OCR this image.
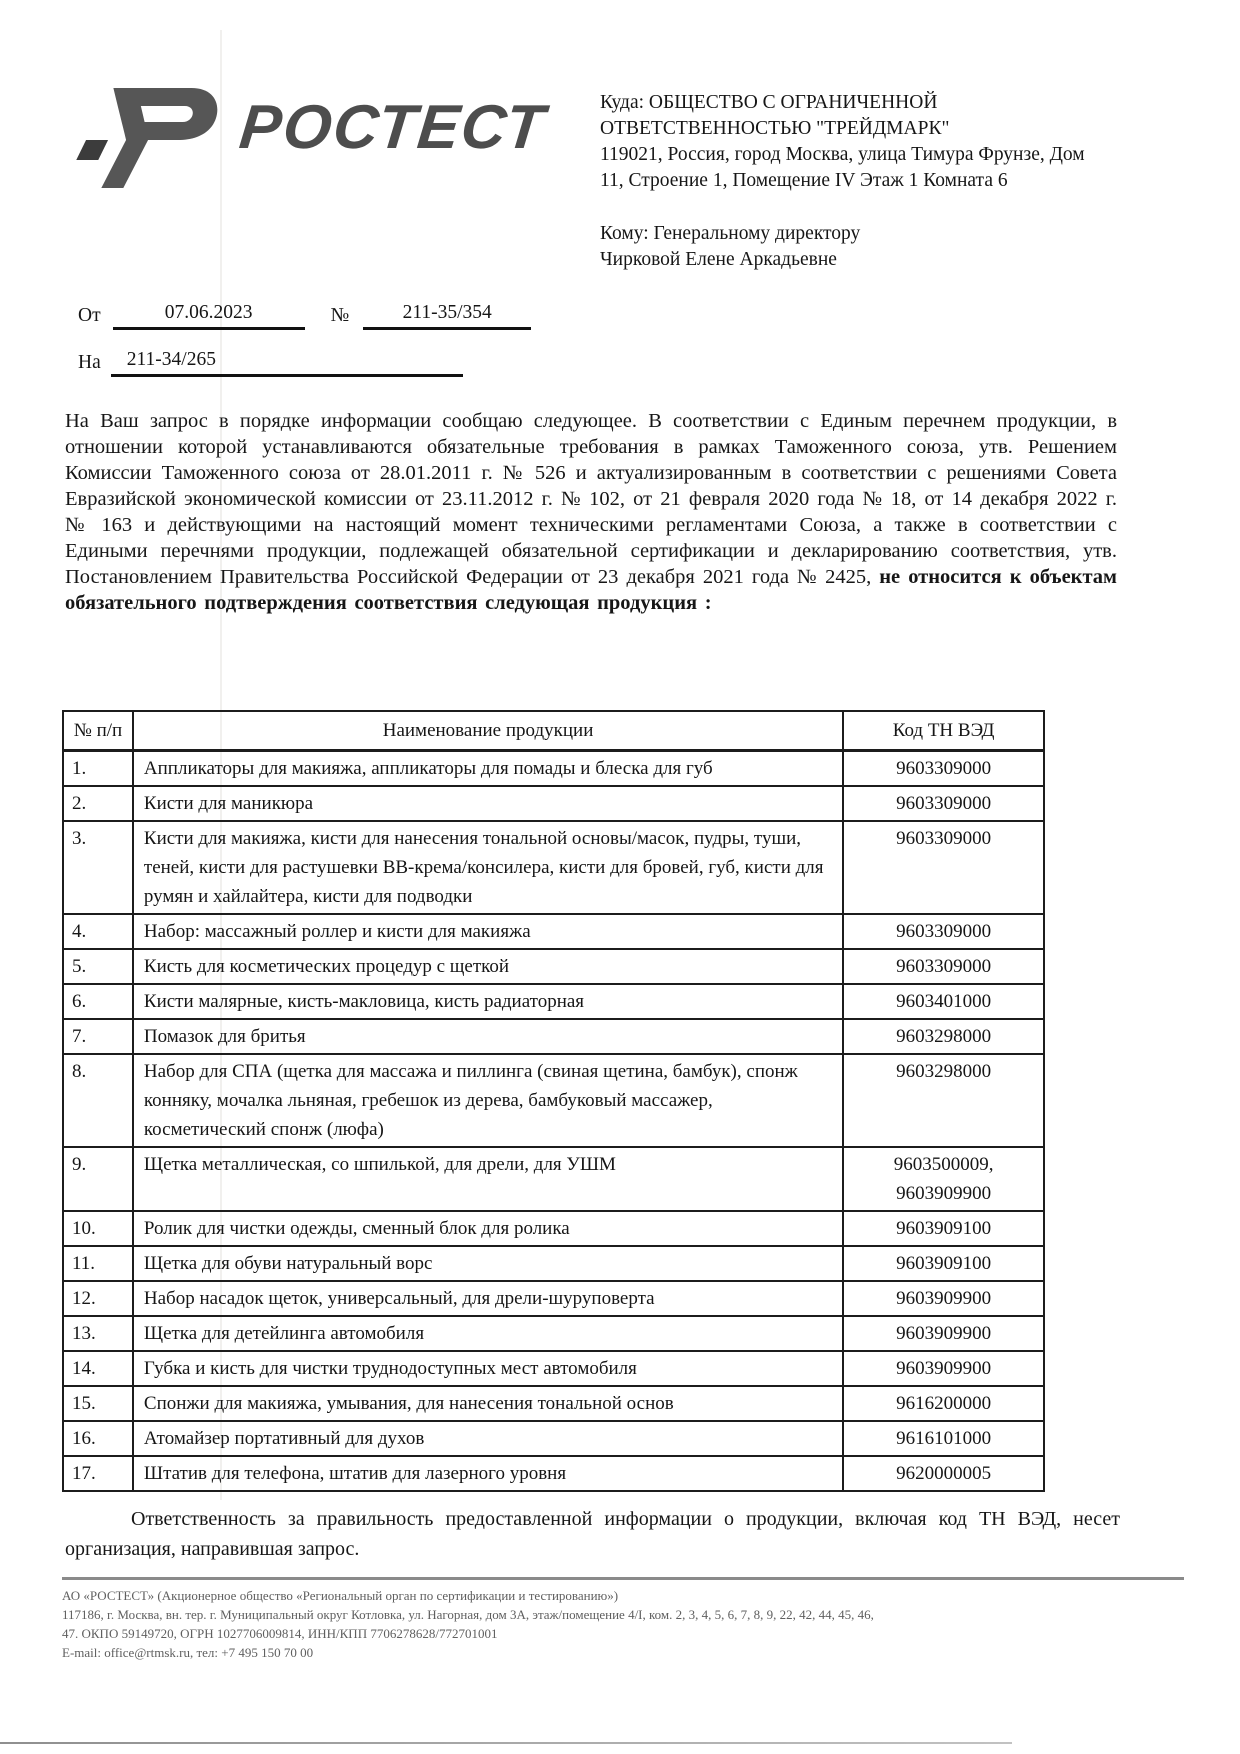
РОСТЕСТ	Куда: ОБЩЕСТВО С ОГРАНИЧЕННОЙ ОТВЕТСТВЕННОСТЬЮ "ТРЕЙДМАРК"
119021, Россия, город Москва, улица Тимура Фрунзе, Дом 11, Строение 1, Помещение IV Этаж 1 Комната 6
Кому: Генеральному директору
Чирковой Елене Аркадьевне
От	07.06.2023	№	211-35/354
На	211-34/265

На Ваш запрос в порядке информации сообщаю следующее. В соответствии с Единым перечнем продукции, в отношении которой устанавливаются обязательные требования в рамках Таможенного союза, утв. Решением Комиссии Таможенного союза от 28.01.2011 г. № 526 и актуализированным в соответствии с решениями Совета Евразийской экономической комиссии от 23.11.2012 г. № 102, от 21 февраля 2020 года № 18, от 14 декабря 2022 г. № 163 и действующими на настоящий момент техническими регламентами Союза, а также в соответствии с Едиными перечнями продукции, подлежащей обязательной сертификации и декларированию соответствия, утв. Постановлением Правительства Российской Федерации от 23 декабря 2021 года № 2425, не относится к объектам обязательного подтверждения соответствия следующая продукция :

№ п/п	Наименование продукции	Код ТН ВЭД
1.	Аппликаторы для макияжа, аппликаторы для помады и блеска для губ	9603309000
2.	Кисти для маникюра	9603309000
3.	Кисти для макияжа, кисти для нанесения тональной основы/масок, пудры, туши, теней, кисти для растушевки ВВ-крема/консилера, кисти для бровей, губ, кисти для румян и хайлайтера, кисти для подводки	9603309000
4.	Набор: массажный роллер и кисти для макияжа	9603309000
5.	Кисть для косметических процедур с щеткой	9603309000
6.	Кисти малярные, кисть-макловица, кисть радиаторная	9603401000
7.	Помазок для бритья	9603298000
8.	Набор для СПА (щетка для массажа и пиллинга (свиная щетина, бамбук), спонж конняку, мочалка льняная, гребешок из дерева, бамбуковый массажер, косметический спонж (люфа)	9603298000
9.	Щетка металлическая, со шпилькой, для дрели, для УШМ	9603500009, 9603909900
10.	Ролик для чистки одежды, сменный блок для ролика	9603909100
11.	Щетка для обуви натуральный ворс	9603909100
12.	Набор насадок щеток, универсальный, для дрели-шуруповерта	9603909900
13.	Щетка для детейлинга автомобиля	9603909900
14.	Губка и кисть для чистки труднодоступных мест автомобиля	9603909900
15.	Спонжи для макияжа, умывания, для нанесения тональной основ	9616200000
16.	Атомайзер портативный для духов	9616101000
17.	Штатив для телефона, штатив для лазерного уровня	9620000005

Ответственность за правильность предоставленной информации о продукции, включая код ТН ВЭД, несет организация, направившая запрос.

АО «РОСТЕСТ» (Акционерное общество «Региональный орган по сертификации и тестированию»)
117186, г. Москва, вн. тер. г. Муниципальный округ Котловка, ул. Нагорная, дом 3А, этаж/помещение 4/I, ком. 2, 3, 4, 5, 6, 7, 8, 9, 22, 42, 44, 45, 46,
47. ОКПО 59149720, ОГРН 1027706009814, ИНН/КПП 7706278628/772701001
E-mail: office@rtmsk.ru, тел: +7 495 150 70 00
